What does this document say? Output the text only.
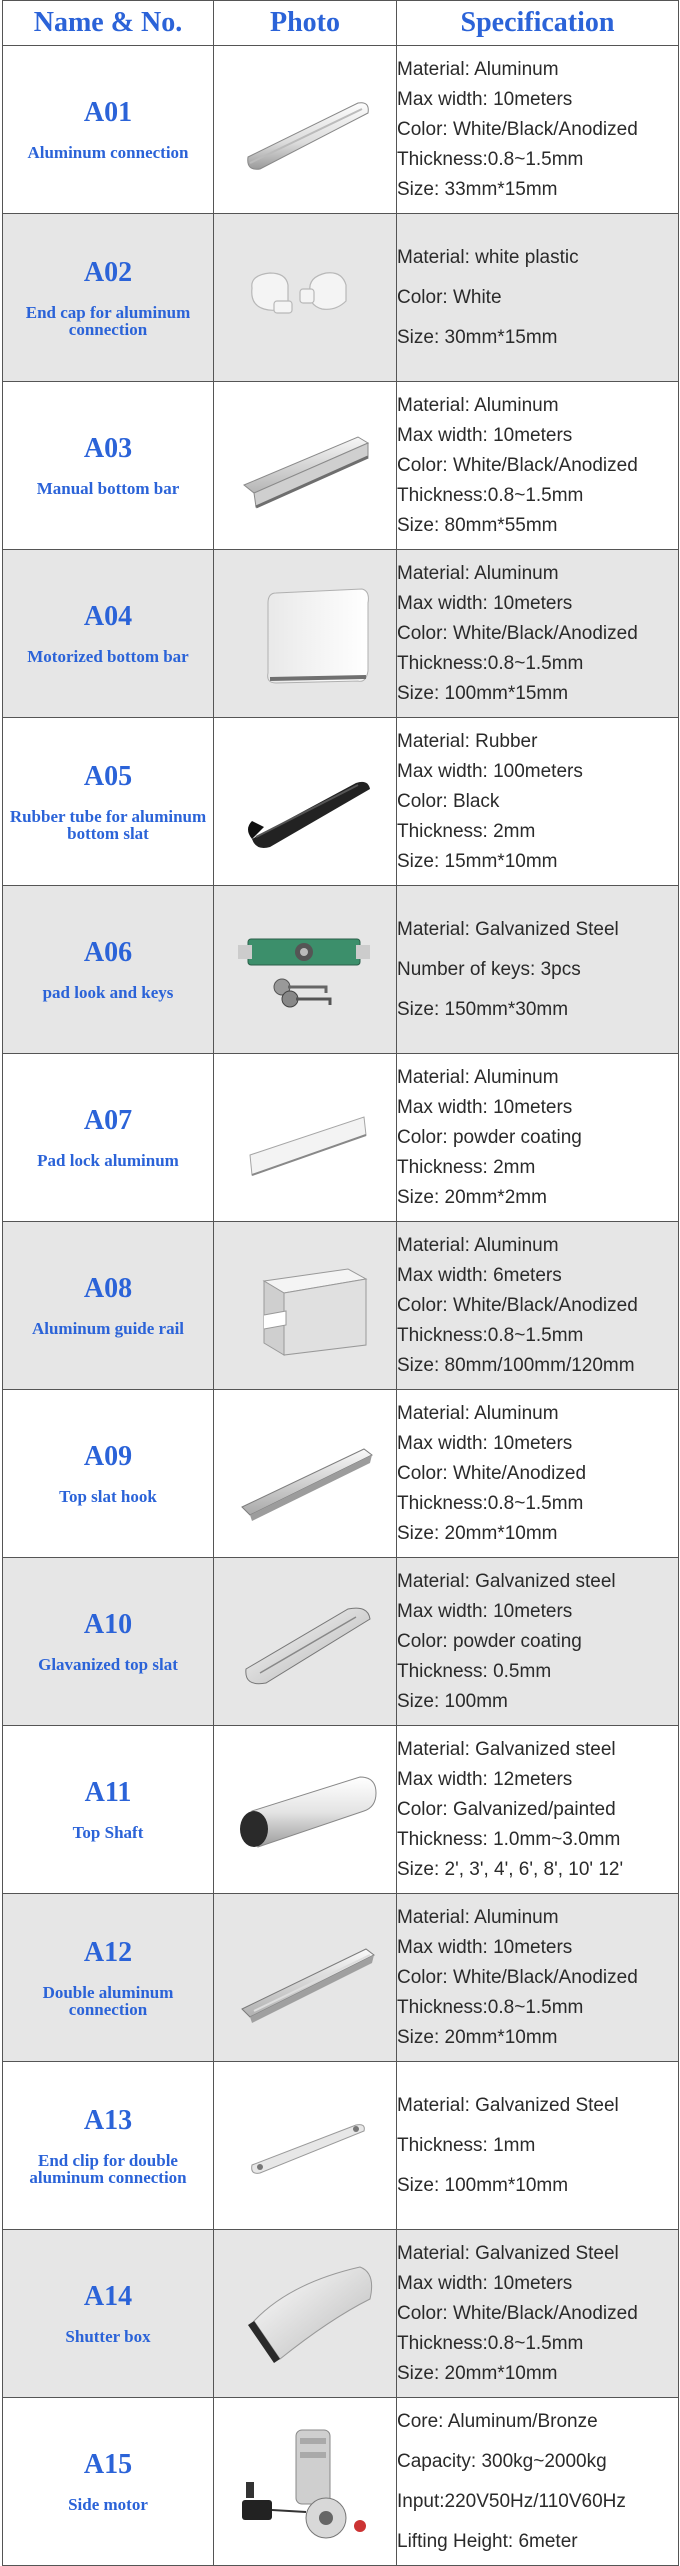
Name & No.	Photo	Specification

A01
Aluminum connection		Material: Aluminum
Max width: 10meters
Color: White/Black/Anodized
Thickness:0.8~1.5mm
Size: 33mm*15mm

A02
End cap for aluminum connection		Material: white plastic
Color: White
Size: 30mm*15mm

A03
Manual bottom bar		Material: Aluminum
Max width: 10meters
Color: White/Black/Anodized
Thickness:0.8~1.5mm
Size: 80mm*55mm

A04
Motorized bottom bar		Material: Aluminum
Max width: 10meters
Color: White/Black/Anodized
Thickness:0.8~1.5mm
Size: 100mm*15mm

A05
Rubber tube for aluminum bottom slat		Material: Rubber
Max width: 100meters
Color: Black
Thickness: 2mm
Size: 15mm*10mm

A06
pad look and keys		Material: Galvanized Steel
Number of keys: 3pcs
Size: 150mm*30mm

A07
Pad lock aluminum		Material: Aluminum
Max width: 10meters
Color: powder coating
Thickness: 2mm
Size: 20mm*2mm

A08
Aluminum guide rail		Material: Aluminum
Max width: 6meters
Color: White/Black/Anodized
Thickness:0.8~1.5mm
Size: 80mm/100mm/120mm

A09
Top slat hook		Material: Aluminum
Max width: 10meters
Color: White/Anodized
Thickness:0.8~1.5mm
Size: 20mm*10mm

A10
Glavanized top slat		Material: Galvanized steel
Max width: 10meters
Color: powder coating
Thickness: 0.5mm
Size: 100mm

A11
Top Shaft		Material: Galvanized steel
Max width: 12meters
Color: Galvanized/painted
Thickness: 1.0mm~3.0mm
Size: 2', 3', 4', 6', 8', 10' 12'

A12
Double aluminum connection		Material: Aluminum
Max width: 10meters
Color: White/Black/Anodized
Thickness:0.8~1.5mm
Size: 20mm*10mm

A13
End clip for double aluminum connection		Material: Galvanized Steel
Thickness: 1mm
Size: 100mm*10mm

A14
Shutter box		Material: Galvanized Steel
Max width: 10meters
Color: White/Black/Anodized
Thickness:0.8~1.5mm
Size: 20mm*10mm

A15
Side motor		Core: Aluminum/Bronze
Capacity: 300kg~2000kg
Input:220V50Hz/110V60Hz
Lifting Height: 6meter
